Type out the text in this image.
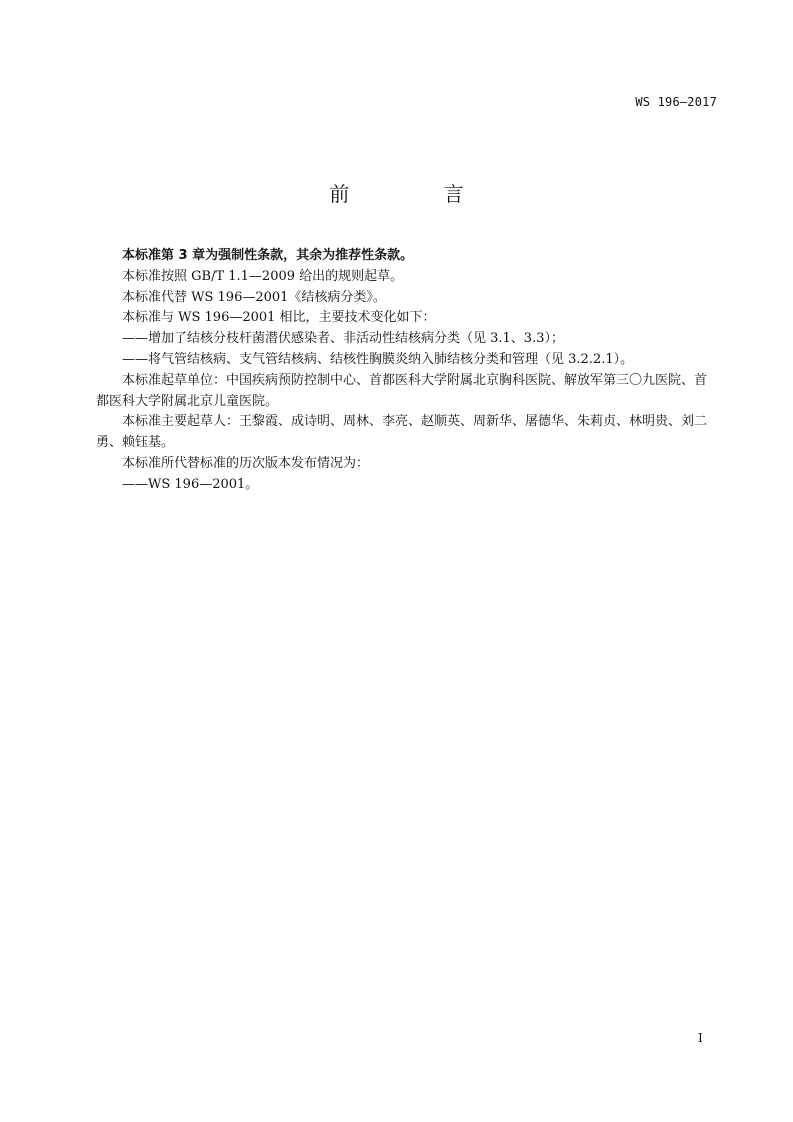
WS 196—2017
前 言

本标准第 3 章为强制性条款，其余为推荐性条款。

本标准按照 GB/T 1.1—2009 给出的规则起草。

本标准代替 WS 196—2001《结核病分类》。

本标准与 WS 196—2001 相比，主要技术变化如下：

——增加了结核分枝杆菌潜伏感染者、非活动性结核病分类（见 3.1、3.3）；

——将气管结核病、支气管结核病、结核性胸膜炎纳入肺结核分类和管理（见 3.2.2.1）。

本标准起草单位：中国疾病预防控制中心、首都医科大学附属北京胸科医院、解放军第三〇九医院、首都医科大学附属北京儿童医院。

本标准主要起草人：王黎霞、成诗明、周林、李亮、赵顺英、周新华、屠德华、朱莉贞、林明贵、刘二勇、赖钰基。

本标准所代替标准的历次版本发布情况为：

——WS 196—2001。

I
